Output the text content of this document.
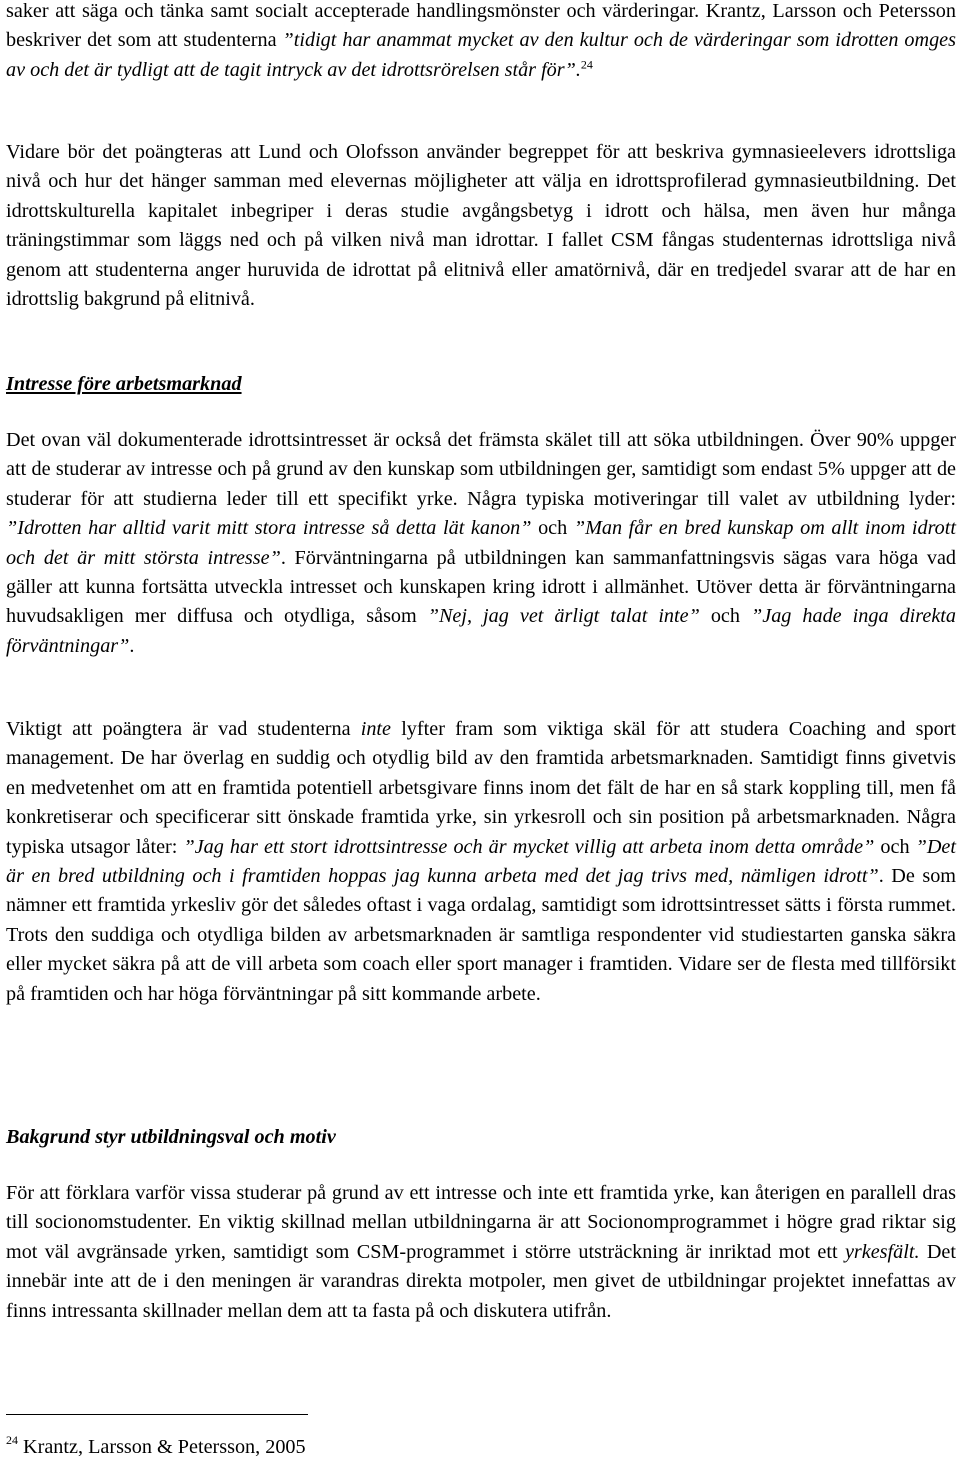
saker att säga och tänka samt socialt accepterade handlingsmönster och värderingar. Krantz, Larsson och Petersson beskriver det som att studenterna ”tidigt har anammat mycket av den kultur och de värderingar som idrotten omges av och det är tydligt att de tagit intryck av det idrottsrörelsen står för”.$^{24}$

Vidare bör det poängteras att Lund och Olofsson använder begreppet för att beskriva gymnasieelevers idrottsliga nivå och hur det hänger samman med elevernas möjligheter att välja en idrottsprofilerad gymnasieutbildning. Det idrottskulturella kapitalet inbegriper i deras studie avgångsbetyg i idrott och hälsa, men även hur många träningstimmar som läggs ned och på vilken nivå man idrottar. I fallet CSM fångas studenternas idrottsliga nivå genom att studenterna anger huruvida de idrottat på elitnivå eller amatörnivå, där en tredjedel svarar att de har en idrottslig bakgrund på elitnivå.

Intresse före arbetsmarknad

Det ovan väl dokumenterade idrottsintresset är också det främsta skälet till att söka utbildningen. Över 90% uppger att de studerar av intresse och på grund av den kunskap som utbildningen ger, samtidigt som endast 5% uppger att de studerar för att studierna leder till ett specifikt yrke. Några typiska motiveringar till valet av utbildning lyder: ”Idrotten har alltid varit mitt stora intresse så detta lät kanon” och ”Man får en bred kunskap om allt inom idrott och det är mitt största intresse”. Förväntningarna på utbildningen kan sammanfattningsvis sägas vara höga vad gäller att kunna fortsätta utveckla intresset och kunskapen kring idrott i allmänhet. Utöver detta är förväntningarna huvudsakligen mer diffusa och otydliga, såsom ”Nej, jag vet ärligt talat inte” och ”Jag hade inga direkta förväntningar”.

Viktigt att poängtera är vad studenterna inte lyfter fram som viktiga skäl för att studera Coaching and sport management. De har överlag en suddig och otydlig bild av den framtida arbetsmarknaden. Samtidigt finns givetvis en medvetenhet om att en framtida potentiell arbetsgivare finns inom det fält de har en så stark koppling till, men få konkretiserar och specificerar sitt önskade framtida yrke, sin yrkesroll och sin position på arbetsmarknaden. Några typiska utsagor låter: ”Jag har ett stort idrottsintresse och är mycket villig att arbeta inom detta område” och ”Det är en bred utbildning och i framtiden hoppas jag kunna arbeta med det jag trivs med, nämligen idrott”. De som nämner ett framtida yrkesliv gör det således oftast i vaga ordalag, samtidigt som idrottsintresset sätts i första rummet. Trots den suddiga och otydliga bilden av arbetsmarknaden är samtliga respondenter vid studiestarten ganska säkra eller mycket säkra på att de vill arbeta som coach eller sport manager i framtiden. Vidare ser de flesta med tillförsikt på framtiden och har höga förväntningar på sitt kommande arbete.

Bakgrund styr utbildningsval och motiv

För att förklara varför vissa studerar på grund av ett intresse och inte ett framtida yrke, kan återigen en parallell dras till socionomstudenter. En viktig skillnad mellan utbildningarna är att Socionomprogrammet i högre grad riktar sig mot väl avgränsade yrken, samtidigt som CSM-programmet i större utsträckning är inriktad mot ett yrkesfält. Det innebär inte att de i den meningen är varandras direkta motpoler, men givet de utbildningar projektet innefattas av finns intressanta skillnader mellan dem att ta fasta på och diskutera utifrån.

$^{24}$ Krantz, Larsson & Petersson, 2005
